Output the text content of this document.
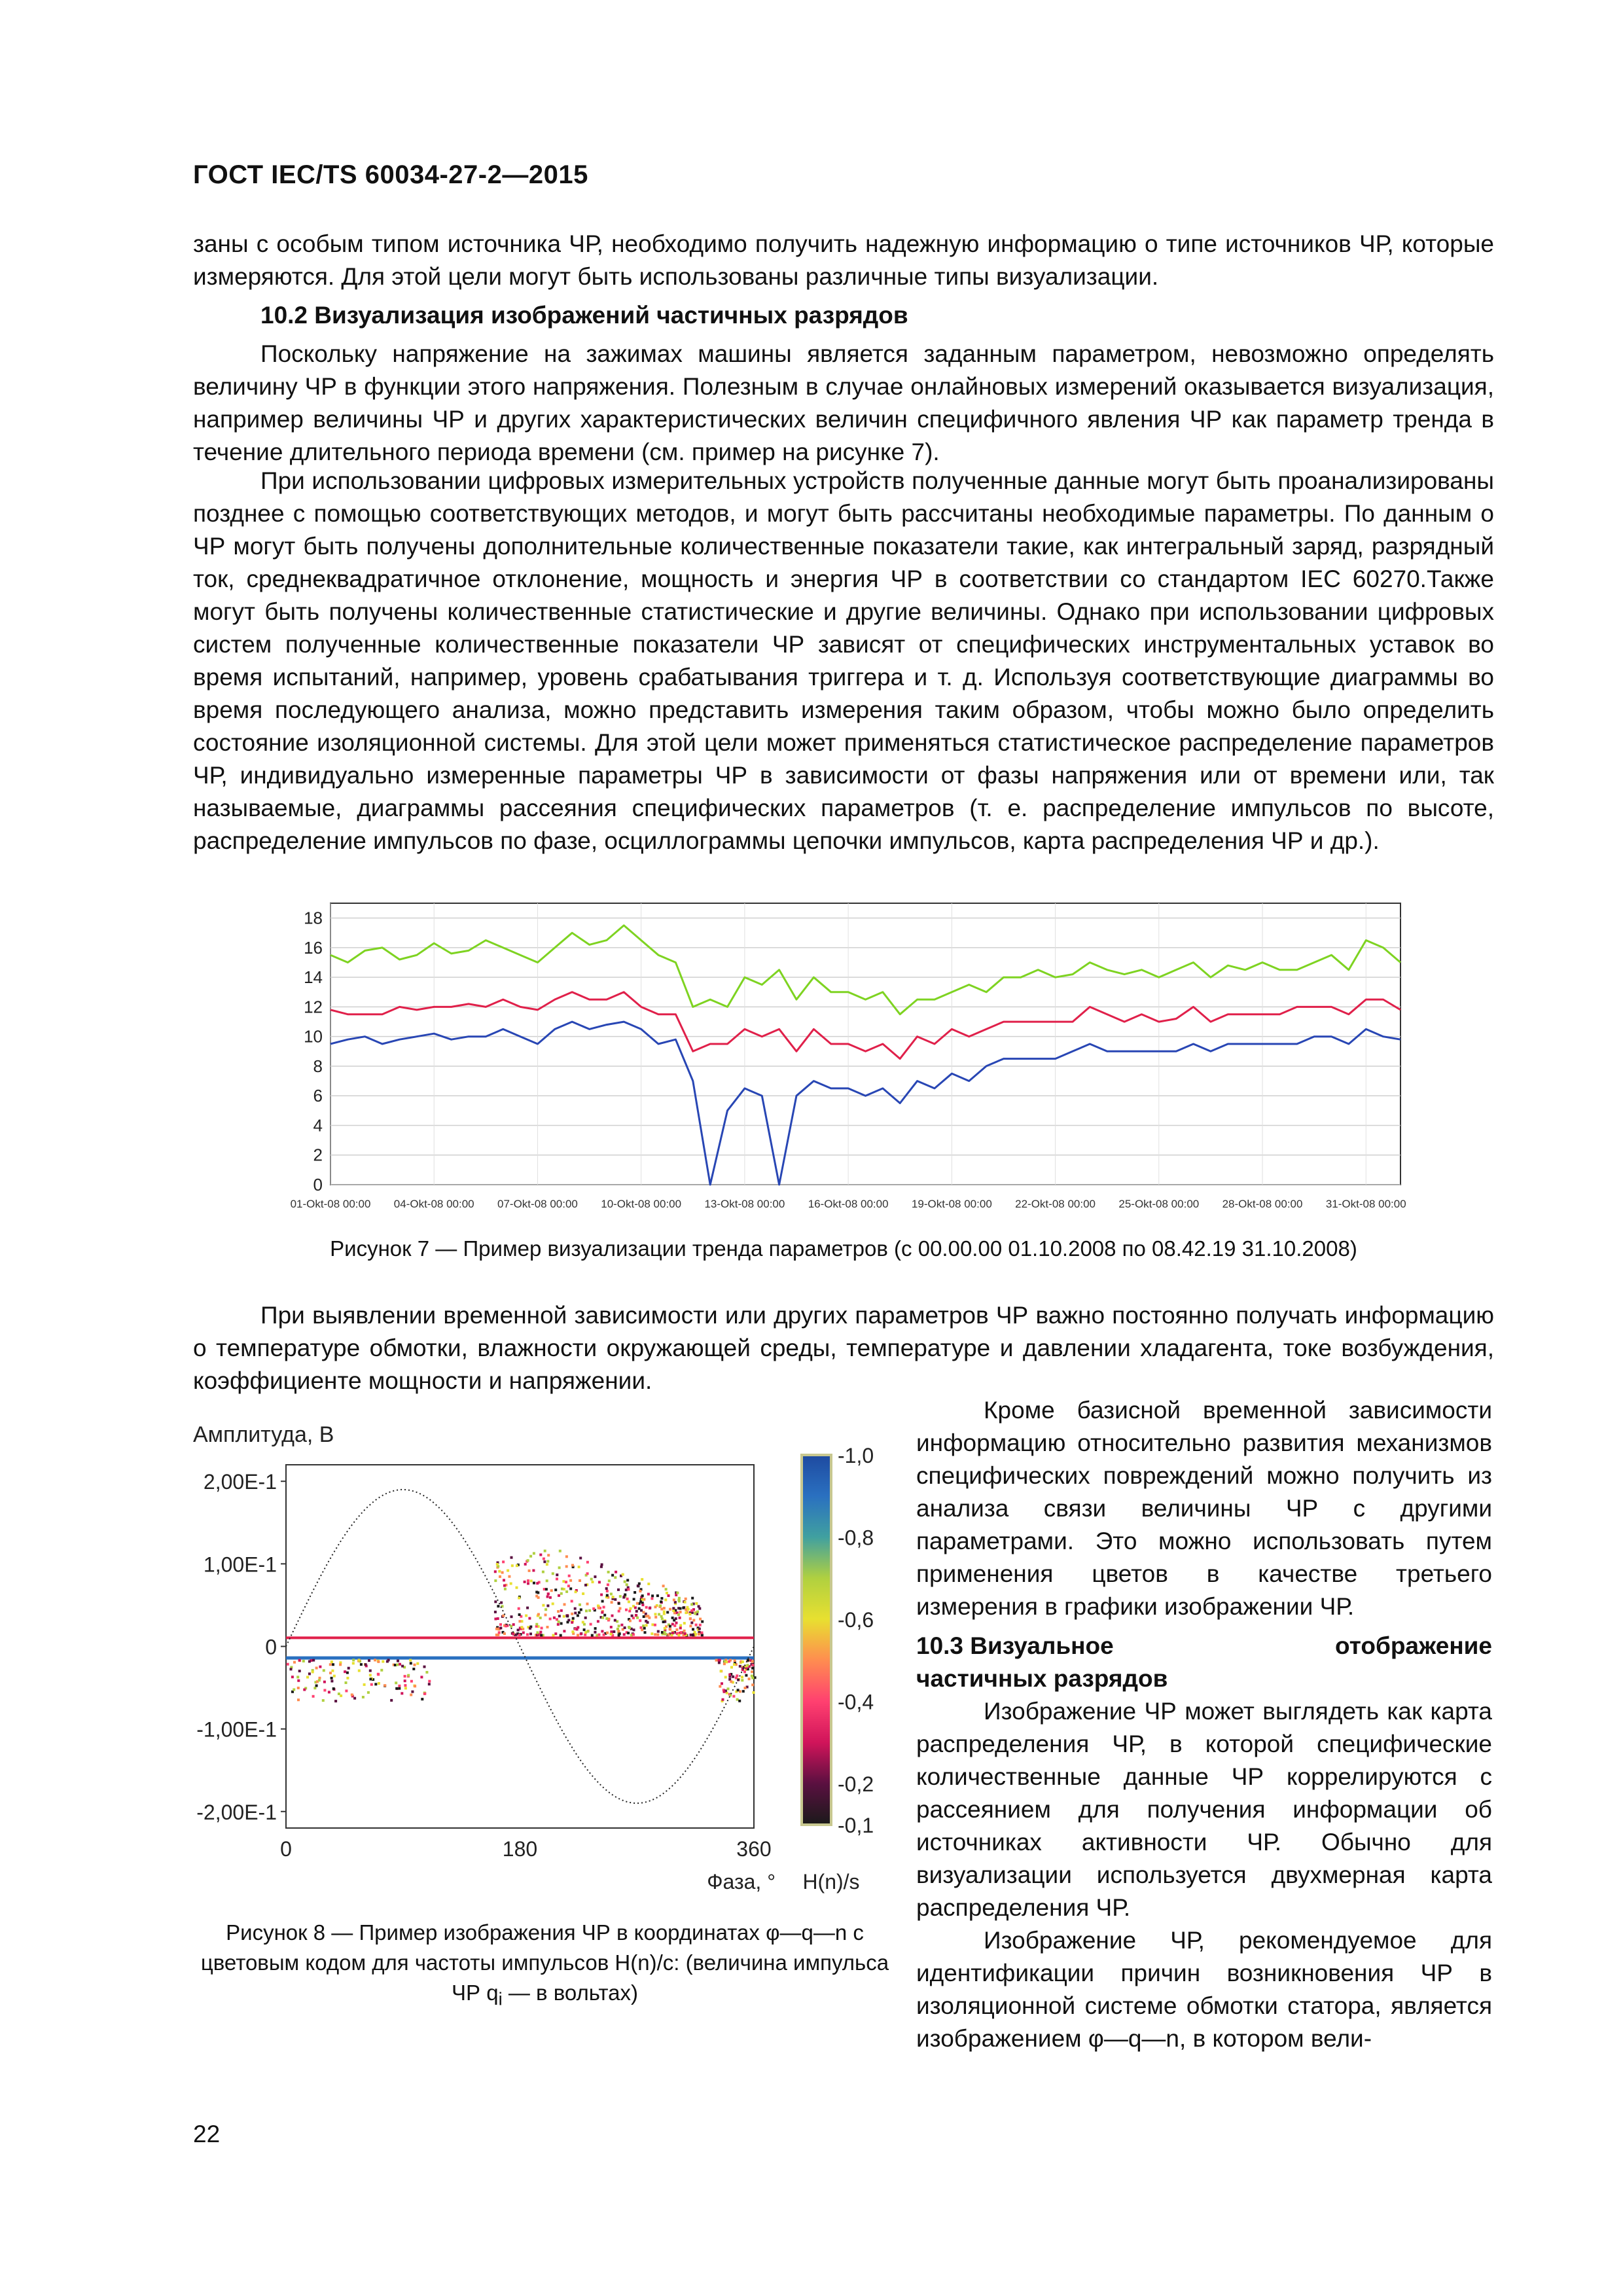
ГОСТ IEC/TS 60034-27-2—2015

заны с особым типом источника ЧР, необходимо получить надежную информацию о типе источников ЧР, которые измеряются. Для этой цели могут быть использованы различные типы визуализации.

10.2 Визуализация изображений частичных разрядов

Поскольку напряжение на зажимах машины является заданным параметром, невозможно определять величину ЧР в функции этого напряжения. Полезным в случае онлайновых измерений оказывается визуализация, например величины ЧР и других характеристических величин специфичного явления ЧР как параметр тренда в течение длительного периода времени (см. пример на рисунке 7).

При использовании цифровых измерительных устройств полученные данные могут быть проанализированы позднее с помощью соответствующих методов, и могут быть рассчитаны необходимые параметры. По данным о ЧР могут быть получены дополнительные количественные показатели такие, как интегральный заряд, разрядный ток, среднеквадратичное отклонение, мощность и энергия ЧР в соответствии со стандартом IEC 60270.Также могут быть получены количественные статистические и другие величины. Однако при использовании цифровых систем полученные количественные показатели ЧР зависят от специфических инструментальных уставок во время испытаний, например, уровень срабатывания триггера и т. д. Используя соответствующие диаграммы во время последующего анализа, можно представить измерения таким образом, чтобы можно было определить состояние изоляционной системы. Для этой цели может применяться статистическое распределение параметров ЧР, индивидуально измеренные параметры ЧР в зависимости от фазы напряжения или от времени или, так называемые, диаграммы рассеяния специфических параметров (т. е. распределение импульсов по высоте, распределение импульсов по фазе, осциллограммы цепочки импульсов, карта распределения ЧР и др.).

0
2
4
6
8
10
12
14
16
18
01-Okt-08 00:00 04-Okt-08 00:00 07-Okt-08 00:00 10-Okt-08 00:00 13-Okt-08 00:00 16-Okt-08 00:00 19-Okt-08 00:00 22-Okt-08 00:00 25-Okt-08 00:00 28-Okt-08 00:00 31-Okt-08 00:00
Рисунок 7 — Пример визуализации тренда параметров (с 00.00.00 01.10.2008 по 08.42.19 31.10.2008)

При выявлении временной зависимости или других параметров ЧР важно постоянно получать информацию о температуре обмотки, влажности окружающей среды, температуре и давлении хладагента, токе возбуждения, коэффициенте мощности и напряжении.

Амплитуда, В
2,00E-1
1,00E-1
0
-1,00E-1
-2,00E-1
0	180	360
Фаза, °
-1,0
-0,8
-0,6
-0,4
-0,2
-0,1
H(n)/s
Рисунок 8 — Пример изображения ЧР в координатах φ—q—n с цветовым кодом для частоты импульсов H(n)/с: (величина импульса ЧР $q_i$ — в вольтах)

Кроме базисной временной зависимости информацию относительно развития механизмов специфических повреждений можно получить из анализа связи величины ЧР с другими параметрами. Это можно использовать путем применения цветов в качестве третьего измерения в графики изображении ЧР.

10.3 Визуальное	отображение
частичных разрядов

Изображение ЧР может выглядеть как карта распределения ЧР, в которой специфические количественные данные ЧР коррелируются с рассеянием для получения информации об источниках активности ЧР. Обычно для визуализации используется двухмерная карта распределения ЧР.

Изображение ЧР, рекомендуемое для идентификации причин возникновения ЧР в изоляционной системе обмотки статора, является изображением φ—q—n, в котором вели-

22
